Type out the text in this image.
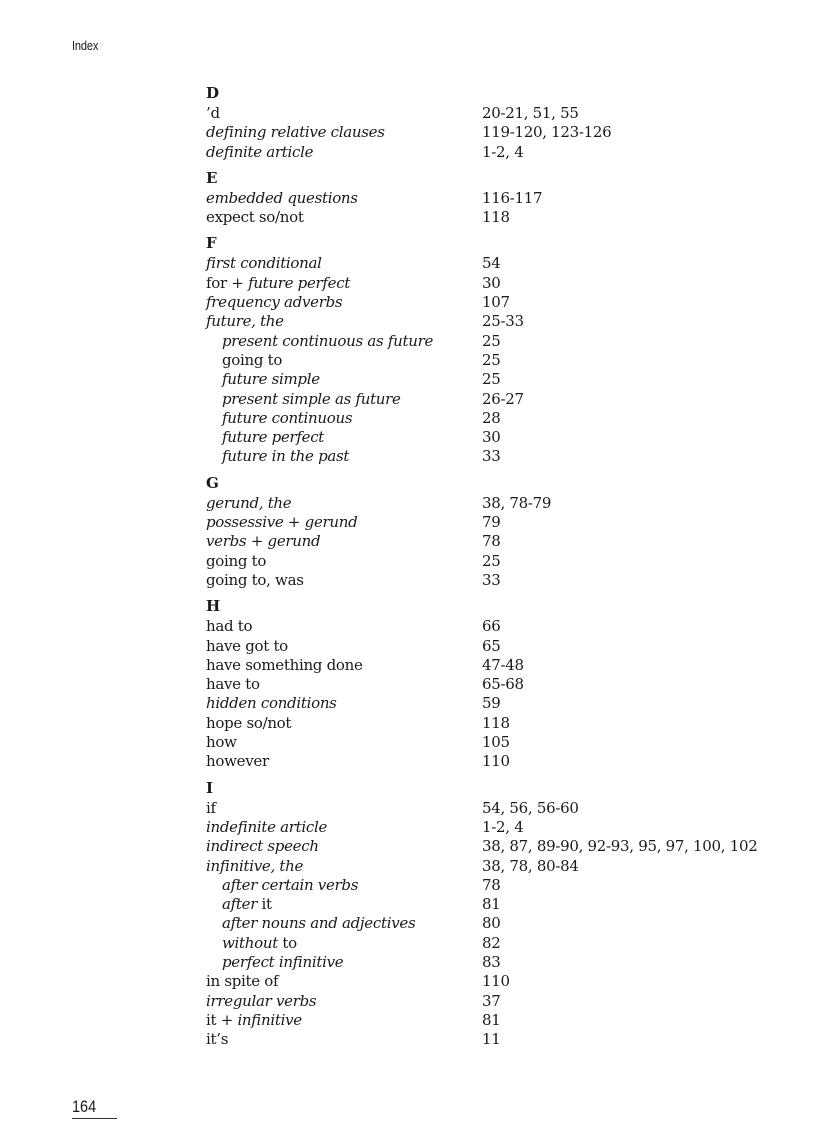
Index
D
’d	20-21, 51, 55
defining relative clauses	119-120, 123-126
definite article	1-2, 4
E
embedded questions	116-117
expect so/not	118
F
first conditional	54
for + future perfect	30
frequency adverbs	107
future, the	25-33
present continuous as future	25
going to	25
future simple	25
present simple as future	26-27
future continuous	28
future perfect	30
future in the past	33
G
gerund, the	38, 78-79
possessive + gerund	79
verbs + gerund	78
going to	25
going to, was	33
H
had to	66
have got to	65
have something done	47-48
have to	65-68
hidden conditions	59
hope so/not	118
how	105
however	110
I
if	54, 56, 56-60
indefinite article	1-2, 4
indirect speech	38, 87, 89-90, 92-93, 95, 97, 100, 102
infinitive, the	38, 78, 80-84
after certain verbs	78
after it	81
after nouns and adjectives	80
without to	82
perfect infinitive	83
in spite of	110
irregular verbs	37
it + infinitive	81
it’s	11
164
